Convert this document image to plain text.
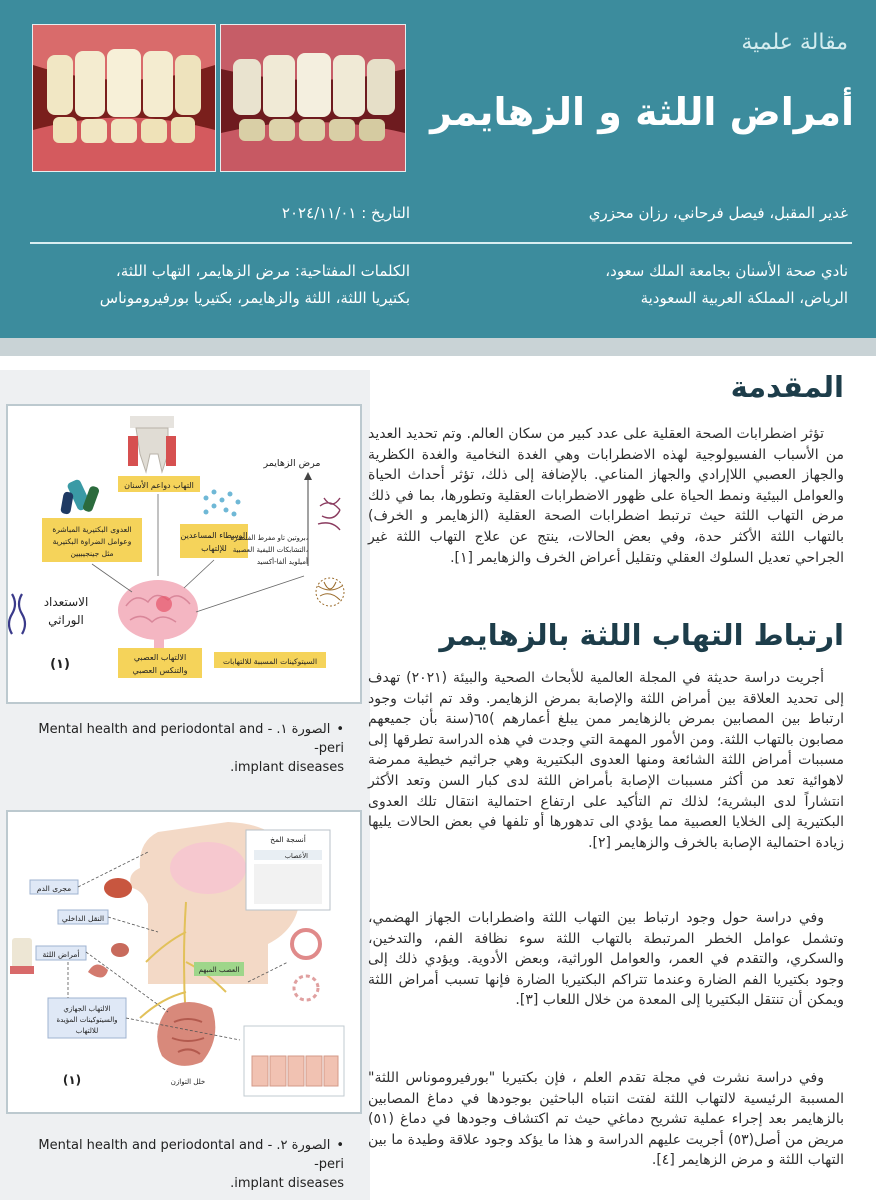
مقالة علمية
أمراض اللثة و الزهايمر
غدير المقبل، فيصل فرحاني، رزان محزري
التاريخ : ٢٠٢٤/١١/٠١
نادي صحة الأسنان بجامعة الملك سعود،
الرياض، المملكة العربية السعودية
الكلمات المفتاحية: مرض الزهايمر، التهاب اللثة،
بكتيريا اللثة، اللثة والزهايمر، بكتيريا بورفيروموناس
التهاب دواعم الأسنان
العدوى البكتيرية المباشرة
وعوامل الضراوة البكتيرية
مثل جينجيبيين
الوسطاء المساعدين
للإلتهاب
مرض الزهايمر
بروتين تاو مفرط الفسفرة،
التشابكات الليفية العصبية،
أميلويد ألفا-أكسيد
الاستعداد
الوراثي
الالتهاب العصبي
والتنكس العصبي
السيتوكينات المسببة للالتهابات
(١)
•الصورة ١. - Mental health and periodontal and peri-
implant diseases.
أنسجة المخ
الأعصاب
العصب المبهم
مجرى الدم
النقل الداخلي
أمراض اللثة
الالتهاب الجهازي
والسيتوكينات المؤيدة
للالتهاب
خلل التوازن
(١)
•الصورة ٢. - Mental health and periodontal and peri-
implant diseases.
المقدمة

تؤثر اضطرابات الصحة العقلية على عدد كبير من سكان العالم. وتم تحديد العديد من الأسباب الفسيولوجية لهذه الاضطرابات وهي الغدة النخامية والغدة الكظرية والجهاز العصبي اللاإرادي والجهاز المناعي. بالإضافة إلى ذلك، تؤثر أحداث الحياة والعوامل البيئية ونمط الحياة على ظهور الاضطرابات العقلية وتطورها، بما في ذلك مرض التهاب اللثة حيث ترتبط اضطرابات الصحة العقلية (الزهايمر و الخرف) بالتهاب اللثة الأكثر حدة، وفي بعض الحالات، ينتج عن علاج التهاب اللثة غير الجراحي تعديل السلوك العقلي وتقليل أعراض الخرف والزهايمر [١].

ارتباط التهاب اللثة بالزهايمر

أجريت دراسة حديثة في المجلة العالمية للأبحاث الصحية والبيئة (٢٠٢١) تهدف إلى تحديد العلاقة بين أمراض اللثة والإصابة بمرض الزهايمر. وقد تم اثبات وجود ارتباط بين المصابين بمرض بالزهايمر ممن يبلغ أعمارهم )٦٥(سنة بأن جميعهم مصابون بالتهاب اللثة. ومن الأمور المهمة التي وجدت في هذه الدراسة تطرقها إلى مسببات أمراض اللثة الشائعة ومنها العدوى البكتيرية وهي جراثيم خيطية ممرضة لاهوائية تعد من أكثر مسببات الإصابة بأمراض اللثة لدى كبار السن وتعد الأكثر انتشاراً لدى البشرية؛ لذلك تم التأكيد على ارتفاع احتمالية انتقال تلك العدوى البكتيرية إلى الخلايا العصبية مما يؤدي الى تدهورها أو تلفها في بعض الحالات يليها زيادة احتمالية الإصابة بالخرف والزهايمر [٢].

وفي دراسة حول وجود ارتباط بين التهاب اللثة واضطرابات الجهاز الهضمي، وتشمل عوامل الخطر المرتبطة بالتهاب اللثة سوء نظافة الفم، والتدخين، والسكري، والتقدم في العمر، والعوامل الوراثية، وبعض الأدوية. ويؤدي ذلك إلى وجود بكتيريا الفم الضارة وعندما تتراكم البكتيريا الضارة فإنها تسبب أمراض اللثة ويمكن أن تنتقل البكتيريا إلى المعدة من خلال اللعاب [٣].

وفي دراسة نشرت في مجلة تقدم العلم ، فإن بكتيريا "بورفيروموناس اللثة" المسببة الرئيسية لالتهاب اللثة لفتت انتباه الباحثين بوجودها في دماغ المصابين بالزهايمر بعد إجراء عملية تشريح دماغي حيث تم اكتشاف وجودها في دماغ (٥١) مريض من أصل(٥٣) أجريت عليهم الدراسة و هذا ما يؤكد وجود علاقة وطيدة ما بين التهاب اللثة و مرض الزهايمر [٤].
